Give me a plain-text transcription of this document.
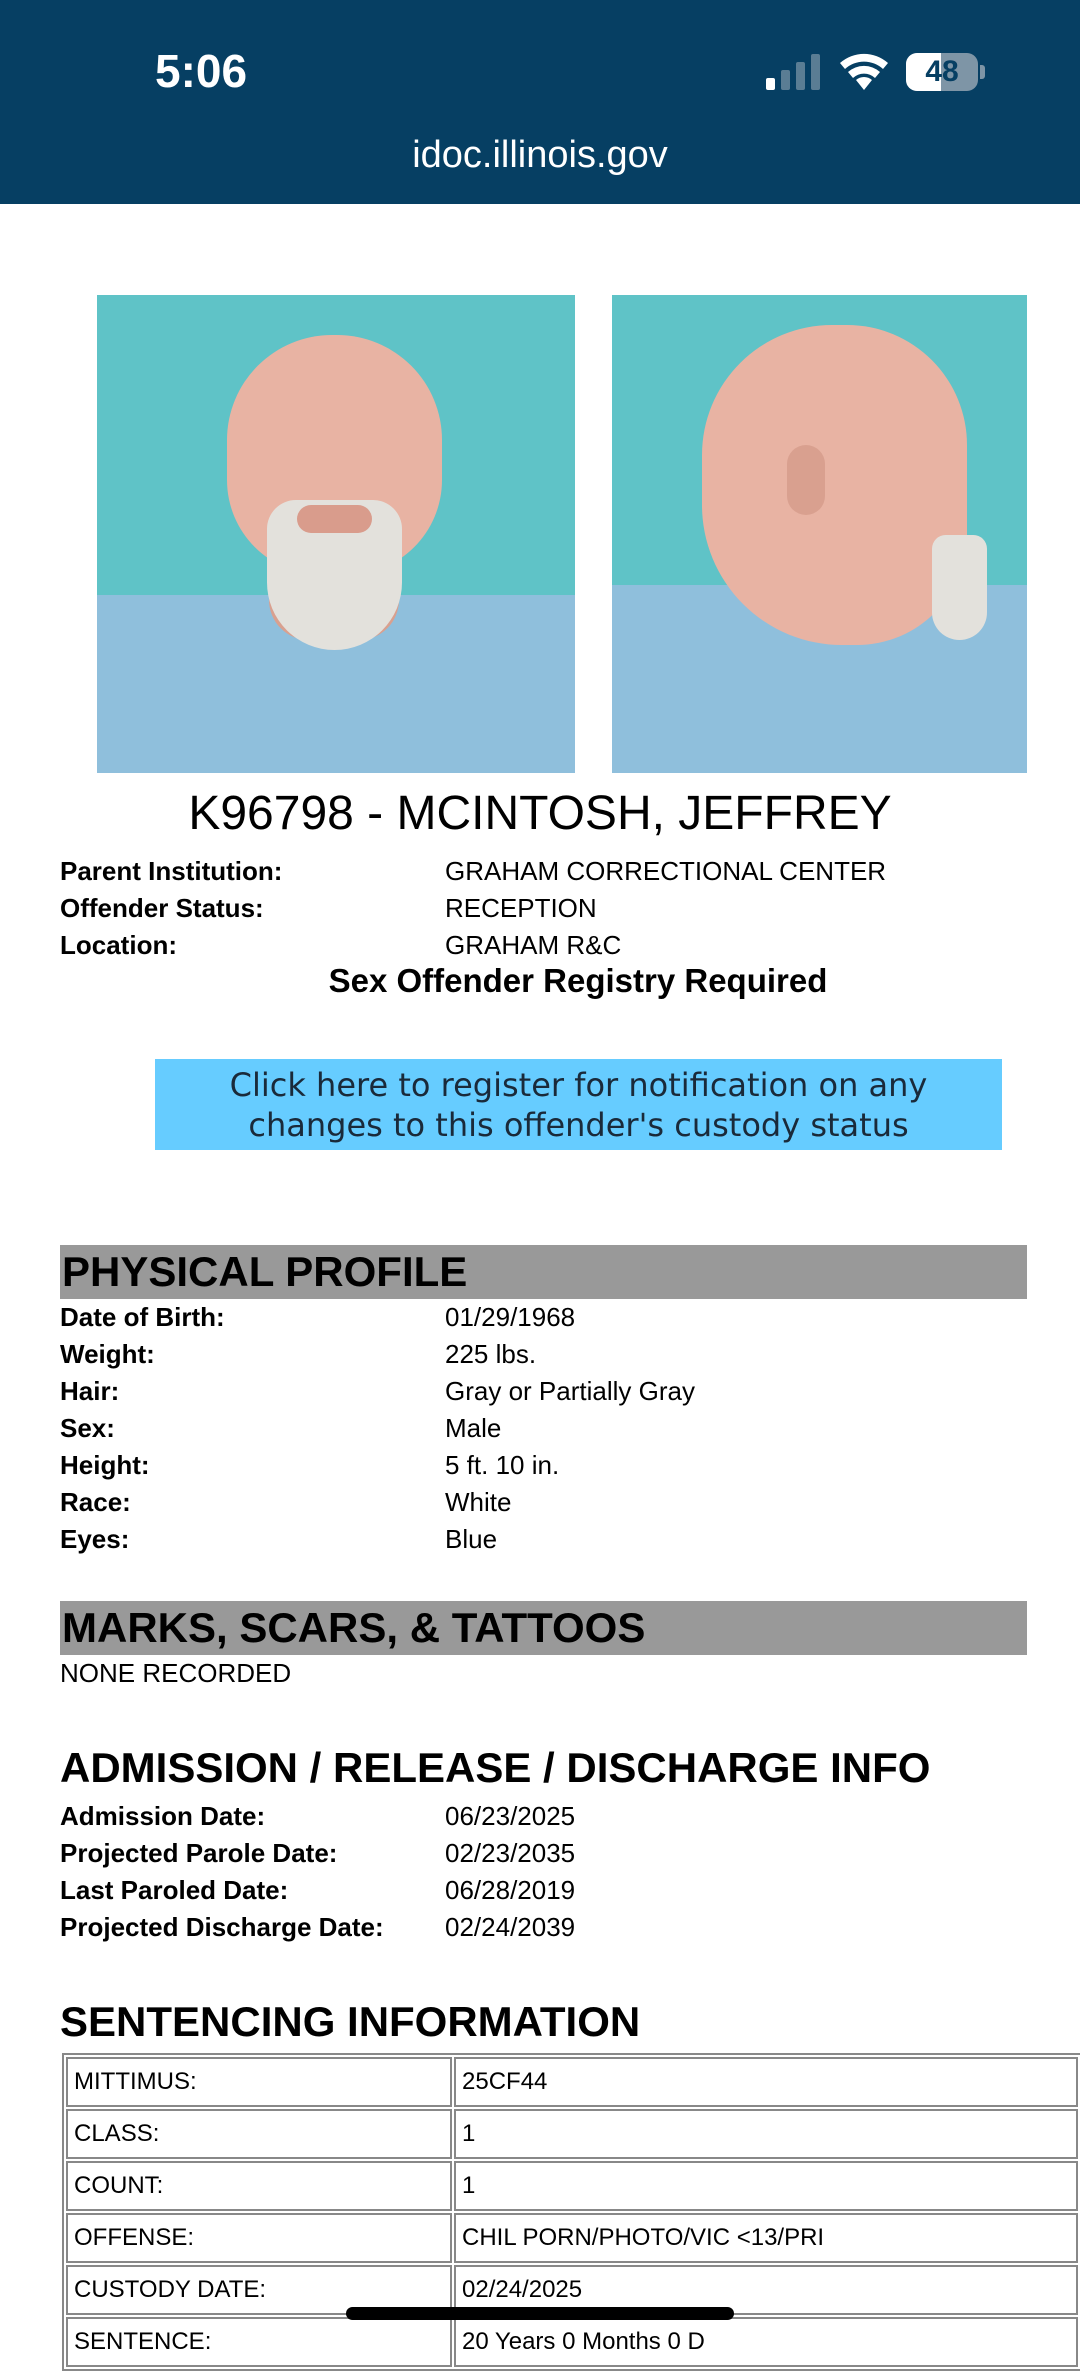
5:06	48
idoc.illinois.gov
K96798 - MCINTOSH, JEFFREY
Parent Institution:	GRAHAM CORRECTIONAL CENTER
Offender Status:	RECEPTION
Location:	GRAHAM R&C
Sex Offender Registry Required
Click here to register for notification on any changes to this offender's custody status
PHYSICAL PROFILE
Date of Birth:	01/29/1968
Weight:	225 lbs.
Hair:	Gray or Partially Gray
Sex:	Male
Height:	5 ft. 10 in.
Race:	White
Eyes:	Blue
MARKS, SCARS, & TATTOOS
NONE RECORDED
ADMISSION / RELEASE / DISCHARGE INFO
Admission Date:	06/23/2025
Projected Parole Date:	02/23/2035
Last Paroled Date:	06/28/2019
Projected Discharge Date: 02/24/2039
SENTENCING INFORMATION
MITTIMUS:	25CF44
CLASS:	1
COUNT:	1
OFFENSE:	CHIL PORN/PHOTO/VIC <13/PRI
CUSTODY DATE:	02/24/2025
SENTENCE:	20 Years 0 Months 0 D
